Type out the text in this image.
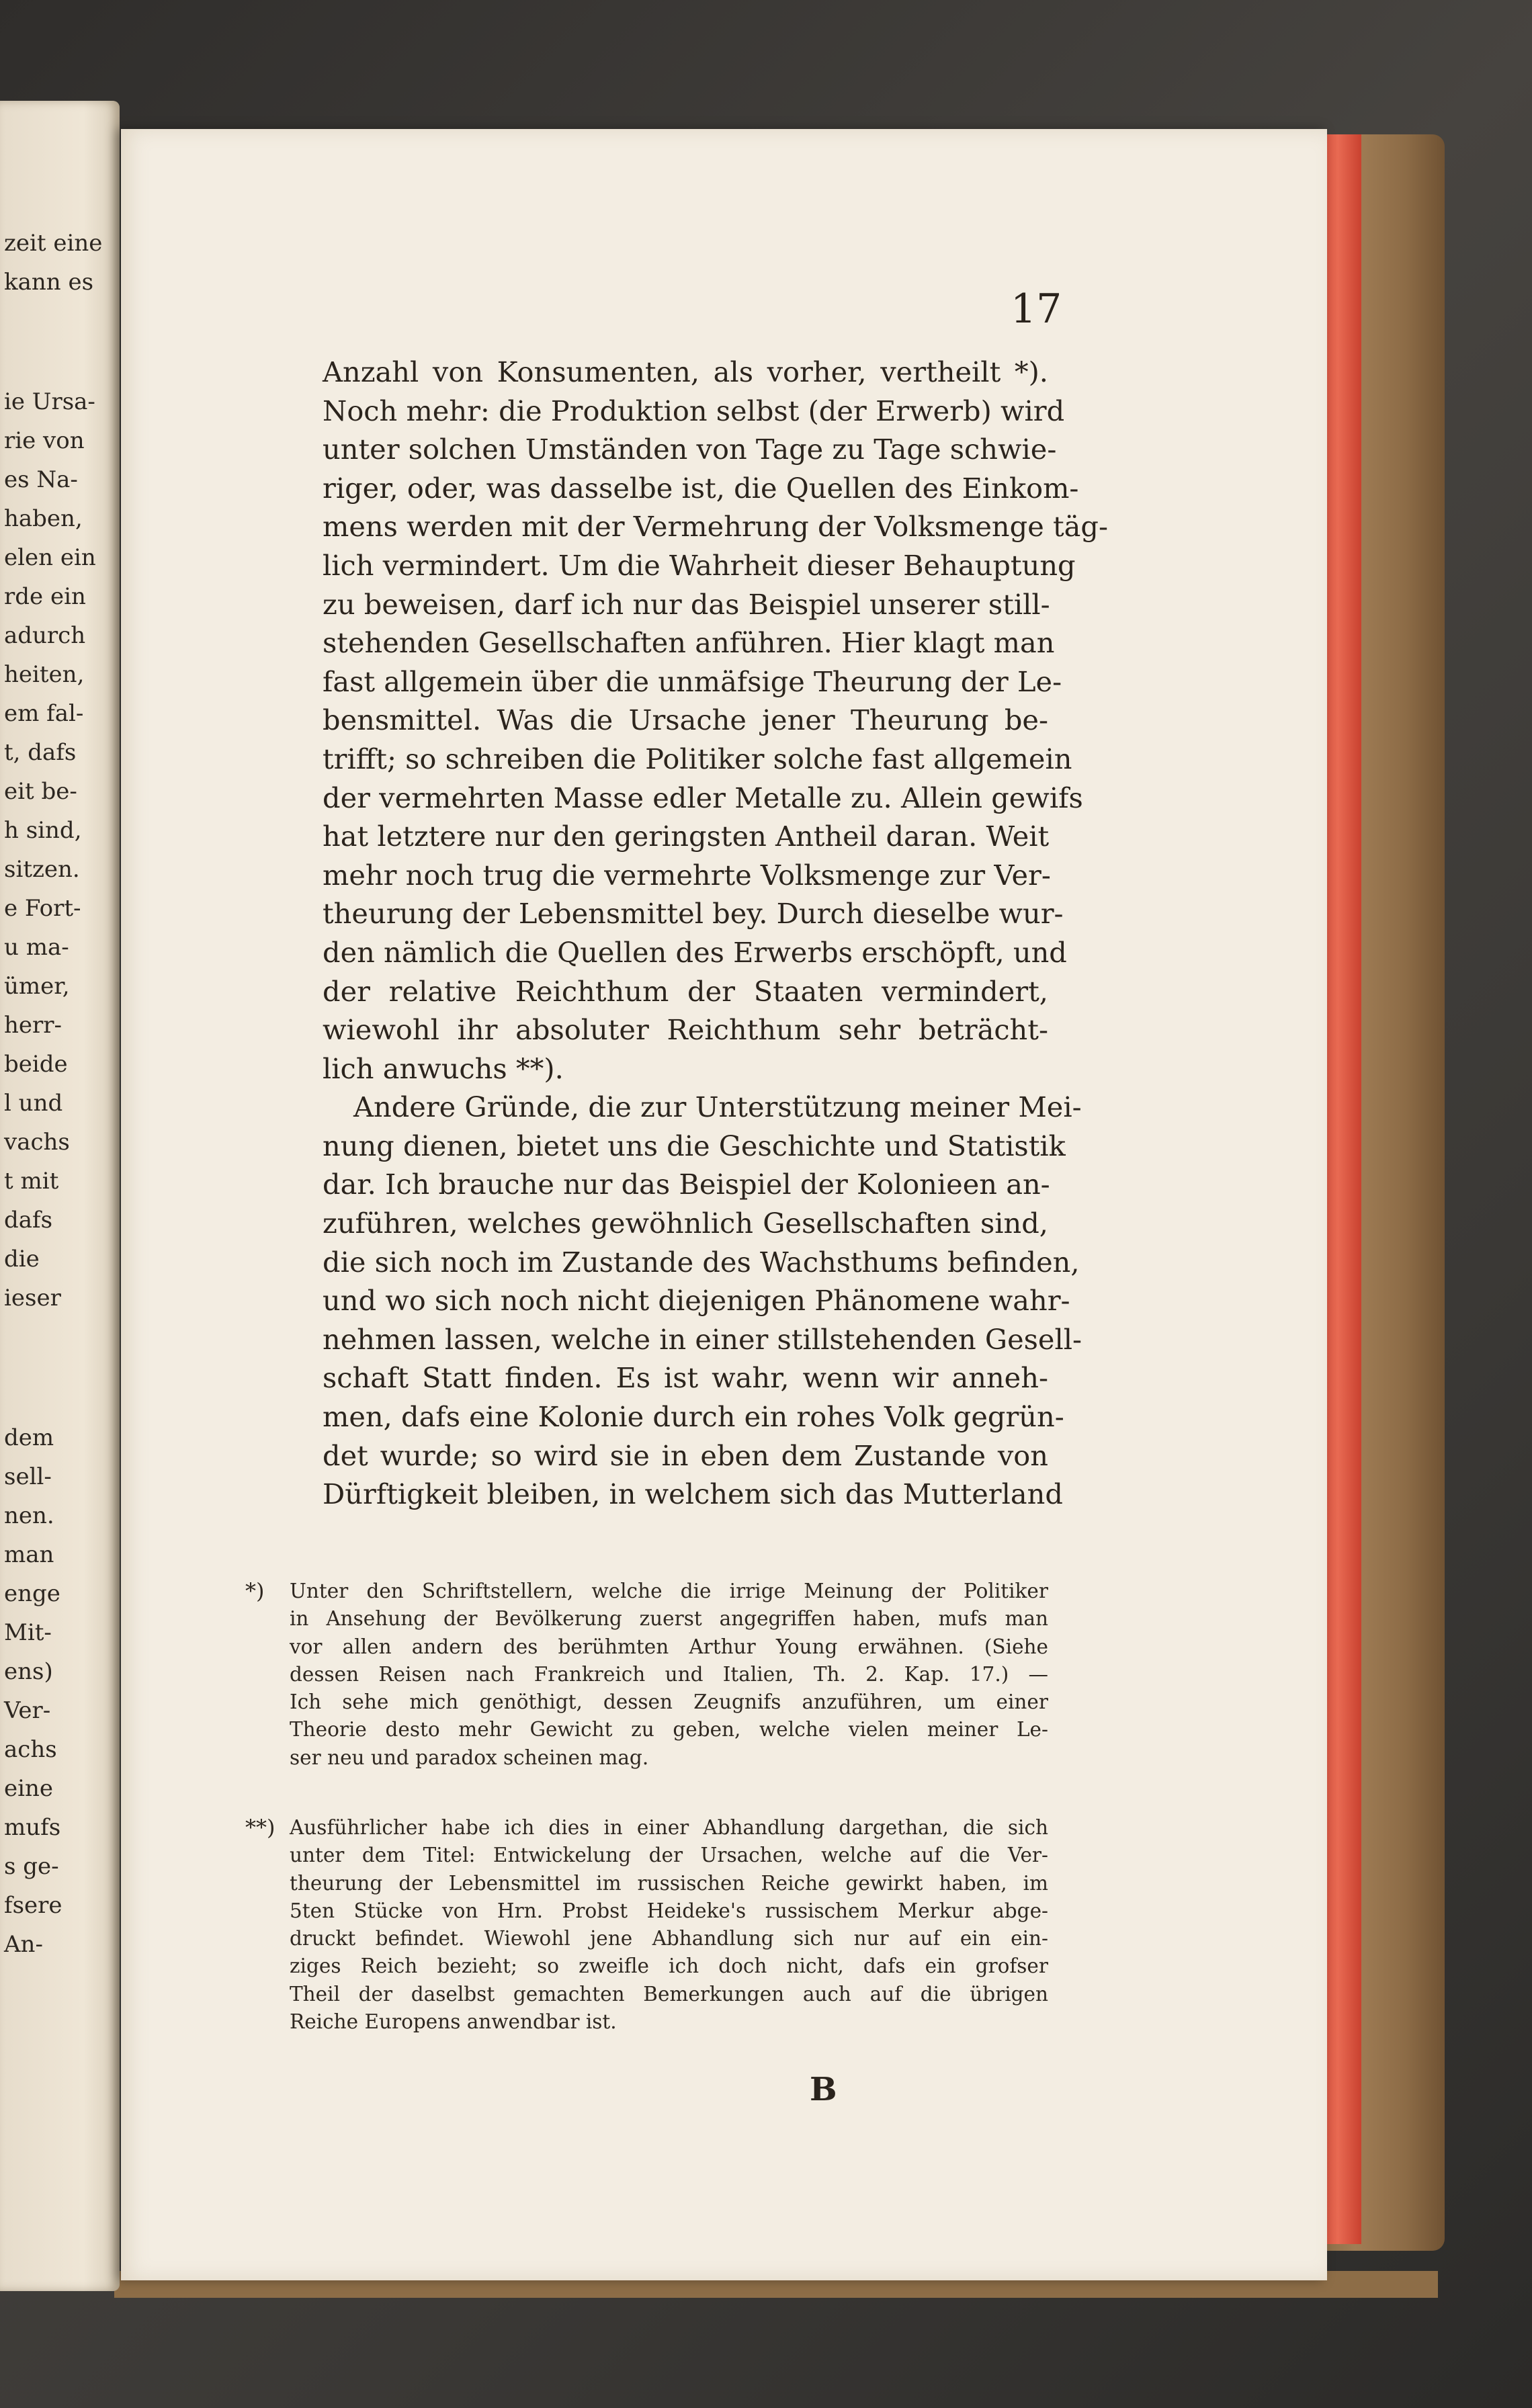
zeit eine
kann es
ie Ursa-
rie von
es Na-
haben,
elen ein
rde ein
adurch
heiten,
em fal-
t, dafs
eit be-
h sind,
sitzen.
e Fort-
u ma-
ümer,
herr-
beide
l und
vachs
t mit
dafs
die
ieser
dem
sell-
nen.
man
enge
Mit-
ens)
Ver-
achs
eine
mufs
s ge-
fsere
An-
17
Anzahl von Konsumenten, als vorher, vertheilt *).
Noch mehr: die Produktion selbst (der Erwerb) wird
unter solchen Umständen von Tage zu Tage schwie-
riger, oder, was dasselbe ist, die Quellen des Einkom-
mens werden mit der Vermehrung der Volksmenge täg-
lich vermindert. Um die Wahrheit dieser Behauptung
zu beweisen, darf ich nur das Beispiel unserer still-
stehenden Gesellschaften anführen. Hier klagt man
fast allgemein über die unmäfsige Theurung der Le-
bensmittel. Was die Ursache jener Theurung be-
trifft; so schreiben die Politiker solche fast allgemein
der vermehrten Masse edler Metalle zu. Allein gewifs
hat letztere nur den geringsten Antheil daran. Weit
mehr noch trug die vermehrte Volksmenge zur Ver-
theurung der Lebensmittel bey. Durch dieselbe wur-
den nämlich die Quellen des Erwerbs erschöpft, und
der relative Reichthum der Staaten vermindert,
wiewohl ihr absoluter Reichthum sehr beträcht-
lich anwuchs **).
Andere Gründe, die zur Unterstützung meiner Mei-
nung dienen, bietet uns die Geschichte und Statistik
dar. Ich brauche nur das Beispiel der Kolonieen an-
zuführen, welches gewöhnlich Gesellschaften sind,
die sich noch im Zustande des Wachsthums befinden,
und wo sich noch nicht diejenigen Phänomene wahr-
nehmen lassen, welche in einer stillstehenden Gesell-
schaft Statt finden. Es ist wahr, wenn wir anneh-
men, dafs eine Kolonie durch ein rohes Volk gegrün-
det wurde; so wird sie in eben dem Zustande von
Dürftigkeit bleiben, in welchem sich das Mutterland
*)	Unter den Schriftstellern, welche die irrige Meinung der Politiker
in Ansehung der Bevölkerung zuerst angegriffen haben, mufs man
vor allen andern des berühmten Arthur Young erwähnen. (Siehe
dessen Reisen nach Frankreich und Italien, Th. 2. Kap. 17.) —
Ich sehe mich genöthigt, dessen Zeugnifs anzuführen, um einer
Theorie desto mehr Gewicht zu geben, welche vielen meiner Le-
ser neu und paradox scheinen mag.
**) Ausführlicher habe ich dies in einer Abhandlung dargethan, die sich
unter dem Titel: Entwickelung der Ursachen, welche auf die Ver-
theurung der Lebensmittel im russischen Reiche gewirkt haben, im
5ten Stücke von Hrn. Probst Heideke's russischem Merkur abge-
druckt befindet. Wiewohl jene Abhandlung sich nur auf ein ein-
ziges Reich bezieht; so zweifle ich doch nicht, dafs ein grofser
Theil der daselbst gemachten Bemerkungen auch auf die übrigen
Reiche Europens anwendbar ist.
B
